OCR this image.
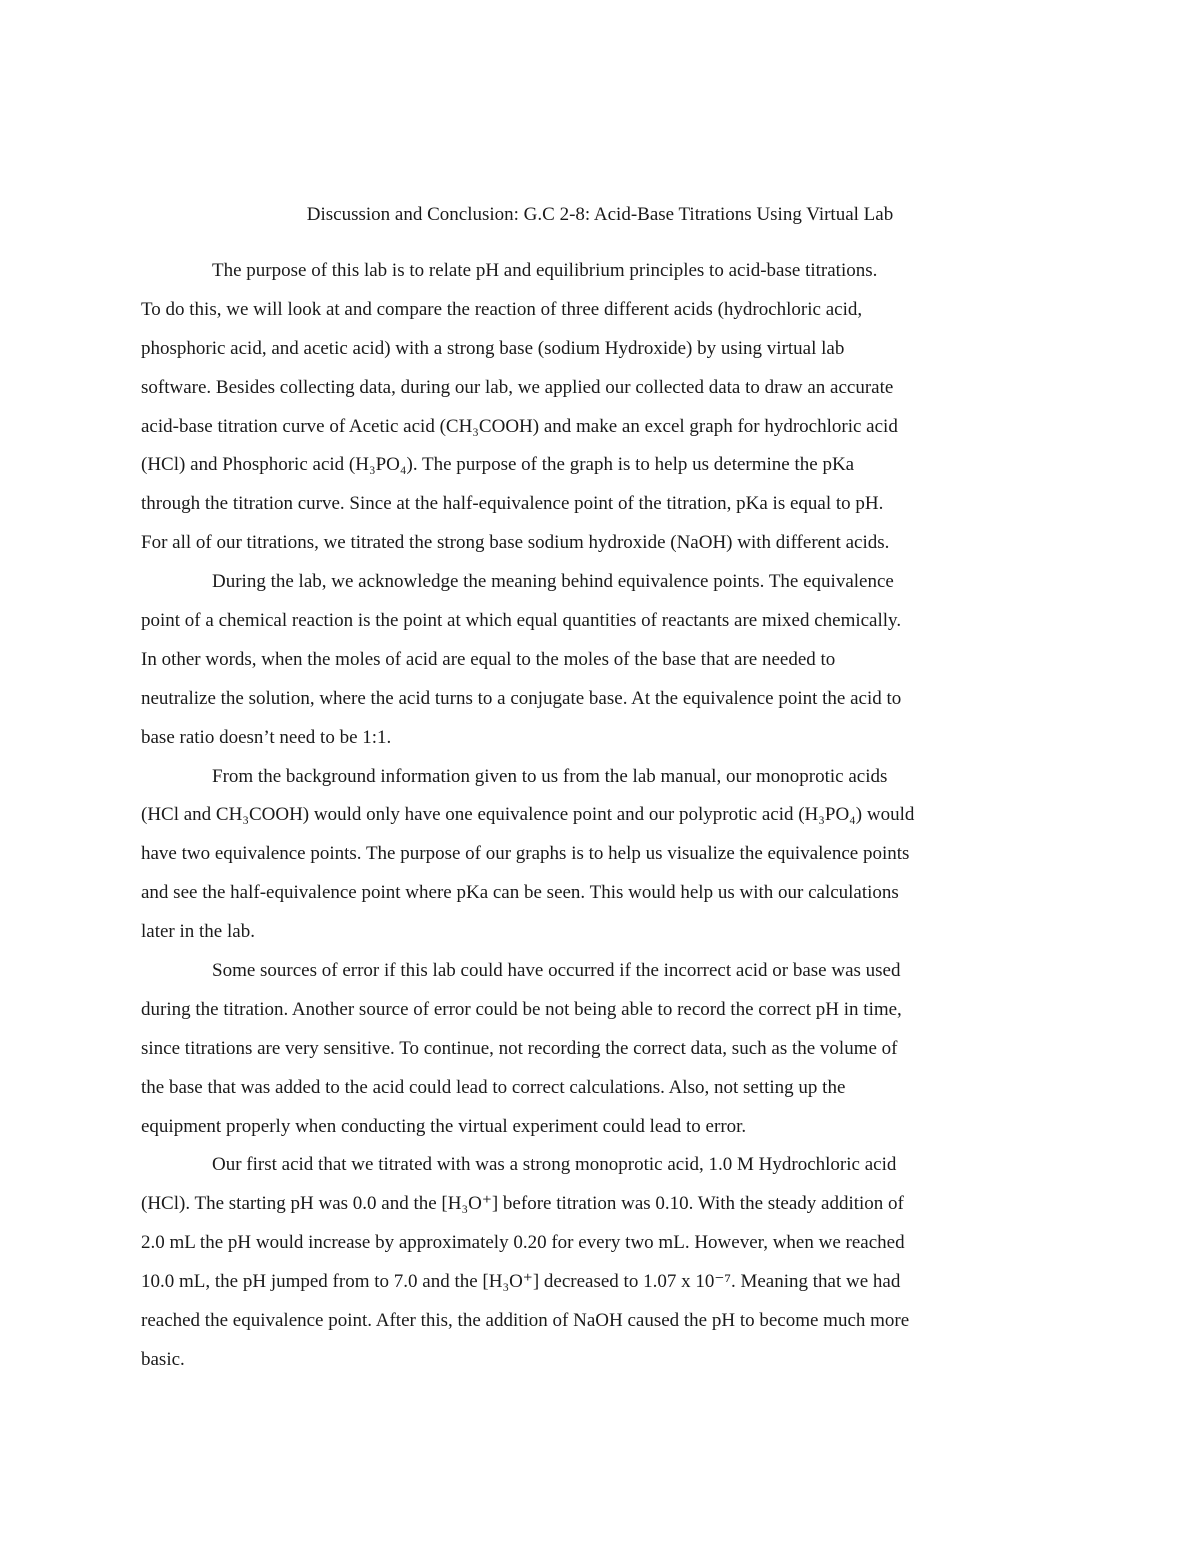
Discussion and Conclusion: G.C 2-8: Acid-Base Titrations Using Virtual Lab
The purpose of this lab is to relate pH and equilibrium principles to acid-base titrations.
To do this, we will look at and compare the reaction of three different acids (hydrochloric acid,
phosphoric acid, and acetic acid) with a strong base (sodium Hydroxide) by using virtual lab
software. Besides collecting data, during our lab, we applied our collected data to draw an accurate
acid-base titration curve of Acetic acid (CH₃COOH) and make an excel graph for hydrochloric acid
(HCl) and Phosphoric acid (H₃PO₄). The purpose of the graph is to help us determine the pKa
through the titration curve. Since at the half-equivalence point of the titration, pKa is equal to pH.
For all of our titrations, we titrated the strong base sodium hydroxide (NaOH) with different acids.
During the lab, we acknowledge the meaning behind equivalence points. The equivalence
point of a chemical reaction is the point at which equal quantities of reactants are mixed chemically.
In other words, when the moles of acid are equal to the moles of the base that are needed to
neutralize the solution, where the acid turns to a conjugate base. At the equivalence point the acid to
base ratio doesn’t need to be 1:1.
From the background information given to us from the lab manual, our monoprotic acids
(HCl and CH₃COOH) would only have one equivalence point and our polyprotic acid (H₃PO₄) would
have two equivalence points. The purpose of our graphs is to help us visualize the equivalence points
and see the half-equivalence point where pKa can be seen. This would help us with our calculations
later in the lab.
Some sources of error if this lab could have occurred if the incorrect acid or base was used
during the titration. Another source of error could be not being able to record the correct pH in time,
since titrations are very sensitive. To continue, not recording the correct data, such as the volume of
the base that was added to the acid could lead to correct calculations. Also, not setting up the
equipment properly when conducting the virtual experiment could lead to error.
Our first acid that we titrated with was a strong monoprotic acid, 1.0 M Hydrochloric acid
(HCl). The starting pH was 0.0 and the [H₃O⁺] before titration was 0.10. With the steady addition of
2.0 mL the pH would increase by approximately 0.20 for every two mL. However, when we reached
10.0 mL, the pH jumped from to 7.0 and the [H₃O⁺] decreased to 1.07 x 10⁻⁷. Meaning that we had
reached the equivalence point. After this, the addition of NaOH caused the pH to become much more
basic.
